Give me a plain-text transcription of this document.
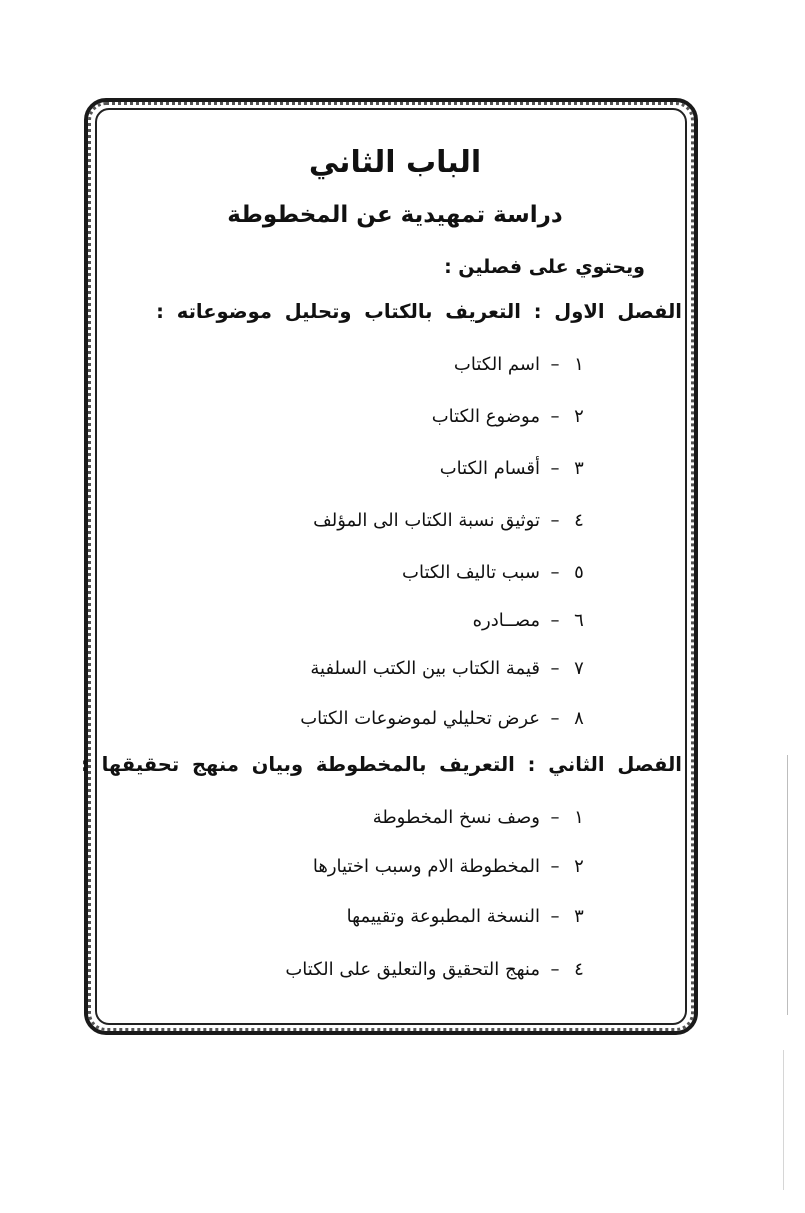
الباب الثاني
دراسة تمهيدية عن المخطوطة
ويحتوي على فصلين :
الفصل الاول : التعريف بالكتاب وتحليل موضوعاته :
١–اسم الكتاب
٢–موضوع الكتاب
٣–أقسام الكتاب
٤–توثيق نسبة الكتاب الى المؤلف
٥–سبب تاليف الكتاب
٦–مصــادره
٧–قيمة الكتاب بين الكتب السلفية
٨–عرض تحليلي لموضوعات الكتاب
الفصل الثاني : التعريف بالمخطوطة وبيان منهج تحقيقها :
١–وصف نسخ المخطوطة
٢–المخطوطة الام وسبب اختيارها
٣–النسخة المطبوعة وتقييمها
٤–منهج التحقيق والتعليق على الكتاب
